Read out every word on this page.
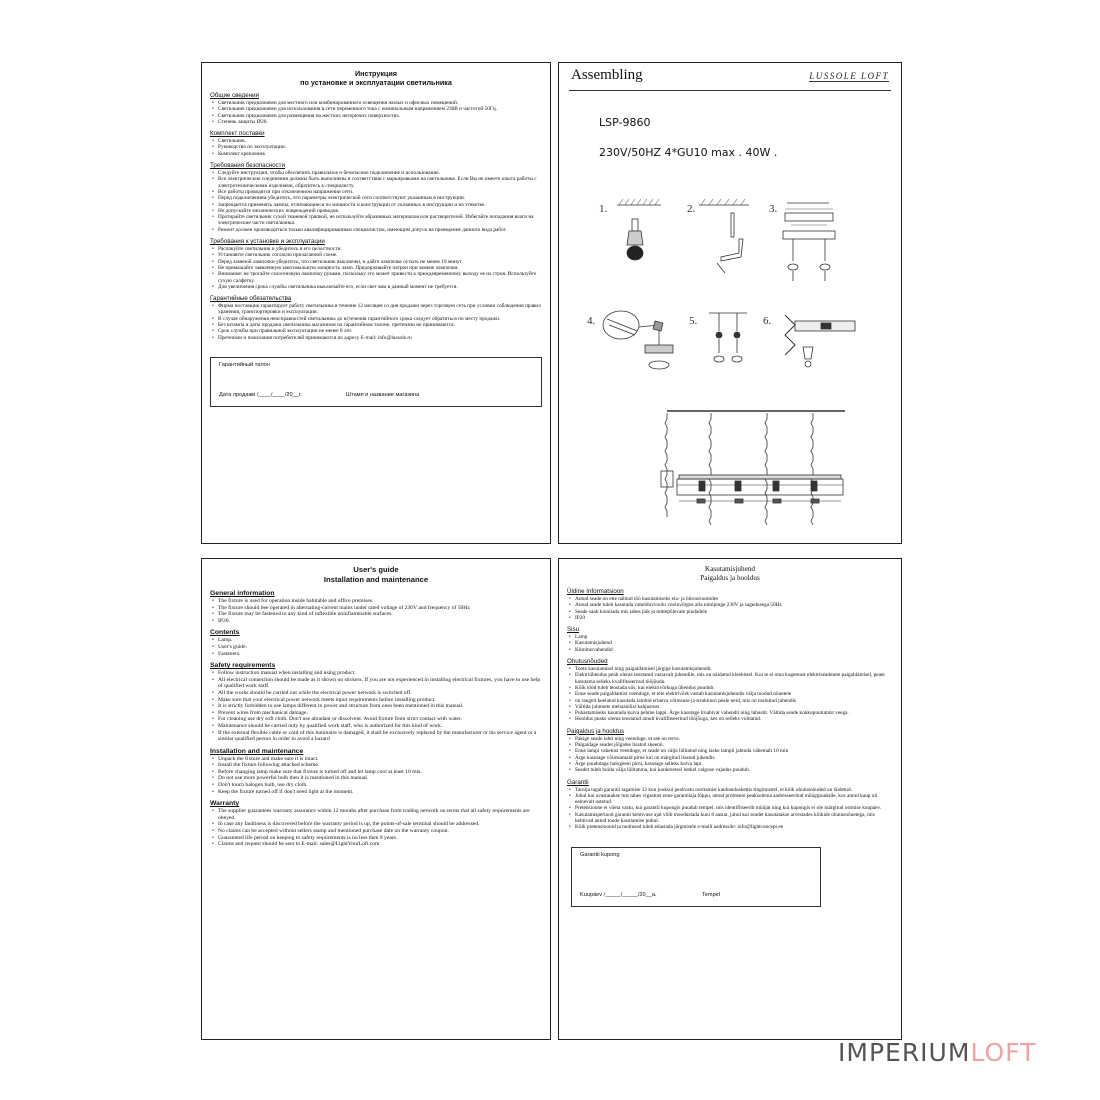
Инструкция
по установке и эксплуатации светильника
Общие сведения
• Светильник предназначен для местного или комбинированного освещения жилых и офисных помещений.
• Светильник предназначен для использования в сети переменного тока с номинальным напряжением 230В и частотой 50Гц.
• Светильник предназначен для размещения на жестких негорючих поверхностях.
• Степень защиты IP20.
Комплект поставки
• Светильник.
• Руководство по эксплуатации.
• Комплект крепления.
Требования безопасности
• Следуйте инструкции, чтобы обеспечить правильное и безопасное подключение и использование.
• Все электрические соединения должны быть выполнены в соответствии с маркировками на светильнике. Если Вы не имеете опыта работы с электротехническими изделиями, обратитесь к специалисту.
• Все работы проводятся при отключенном напряжении сети.
• Перед подключением убедитесь, что параметры электрической сети соответствуют указанным в инструкции.
• Запрещается применять лампы, отличающиеся по мощности и конструкции от указанных в инструкции и на этикетке.
• Не допускайте механических повреждений проводов.
• Протирайте светильник сухой тканевой тряпкой, не используйте абразивных материалов или растворителей. Избегайте попадания влаги на электрические части светильника.
• Ремонт должен производиться только квалифицированным специалистом, имеющим допуск на проведение данного вида работ.
Требования к установке и эксплуатации
• Распакуйте светильник и убедитесь в его целостности.
• Установите светильник согласно прилагаемой схеме.
• Перед заменой лампочки убедитесь, что светильник выключен, и дайте лампочке остыть не менее 10 минут.
• Не превышайте заявленную максимальную мощность ламп. Придерживайте патрон при замене лампочки.
• Внимание: не трогайте галогеновую лампочку руками, поскольку это может привести к преждевременному выходу ее из строя. Используйте сухую салфетку.
• Для увеличения срока службы светильника выключайте его, если свет вам в данный момент не требуется.
Гарантийные обязательства
• Фирма поставщик гарантирует работу светильника в течение 12 месяцев со дня продажи через торговую сеть при условии соблюдения правил хранения, транспортировки и эксплуатации.
• В случае обнаружения неисправностей светильника до истечения гарантийного срока следует обратиться по месту продажи.
• Без штампа и даты продажи светильника магазином на гарантийном талоне, претензии не принимаются.
• Срок службы при правильной эксплуатации не менее 8 лет.
• Претензии и пожелания потребителей принимаются по адресу E-mail: info@lussole.ru
Гарантийный талон
Дата продажи /____/____/20__г.	Штамп и название магазина
Assembling	LUSSOLE LOFT
LSP-9860
230V/50HZ 4*GU10 max . 40W .
1.	2.	3.
4.	5.	6.
User's guide
Installation and maintenance
General information
• The fixture is used for operation inside habitable and office premises.
• The fixture should bee operated in alternating-current mains under rated voltage of 230V and frequency of 50Hz
• The fixture may be fastened to any kind of inflexible uninflammable surfaces.
• IP20.
Contents
• Lamp.
• User's guide.
• Fasteners.
Safety requirements
• Follow instruction manual when installing and using product.
• All electrical connection should be made as it shown on stickers. If you are not experienced in installing electrical fixtures, you have to use help of qualified work staff.
• All the works should be carried out while the electrical power network is switched off.
• Make sure that your electrical power network meets input requirements before installing product.
• It is strictly forbidden to use lamps different in power and structure from ones been mentioned in this manual.
• Prevent wires from mechanical damage.
• For cleaning use dry soft cloth. Don't use abradant or dissolvent. Avoid fixture from strict contact with water.
• Maintenance should be carried only by qualified work staff, who is authorized for this kind of work.
• If the external flexible cable or cord of this luminaire is damaged, it shall be exclusively replaced by the manufacturer or his service agent or a similar qualified person in order to avoid a hazard
Installation and maintenance
• Unpack the fixture and make sure it is intact.
• Install the fixture following attached scheme.
• Before changing lamp make sure that fixture is turned off and let lamp cool at least 10 mis.
• Do not use more powerful bulb then it is mentioned in this manual.
• Don't touch halogen bulb, use dry cloth.
• Keep the fixture turned off if don't need light at the moment.
Warranty
• The supplier guarantees warranty assurance within 12 months after purchase from trading network on terms that all safety requirements are obeyed.
• In case any faultiness is discovered before the warranty period is up, the points-of-sale terminal should be addressed.
• No claims can be accepted without sellers stamp and mentioned purchase date on the warranty coupon.
• Guaranteed life period on keeping to safety requirements is no less then 8 years.
• Claims and request should be sent to E-mail: sales@LightYourLoft.com
Kasutamisjuhend
Paigaldus ja hooldus
Üldine Informatsioon
• Antud seade on ette nähtud töö kasutamiseks ela- ja bürooruumides
• Antud seade tuleb kasutada vahelduvvoolu vooluvõrgus alla nimipinge 230V ja sagedusega 50Hz
• Seade saab kinnitada mis tahes jäik ja mittepõlevate pindadele
• IP20
Sisu
• Lamp
• Kasutamisjuhend
• Kinnitusvahendid
Ohutusnõuded
• Toote kasutamisel ning paigaldamisel järgige kasutamisjuhendit.
• Elektriühendus peab olema teostatud vastavalt juhendile, mis on näidatud kleebistel. Kui te ei oma kogemust elektriseadmete paigaldamisel, peate kasutama selleks kvalifitseeritud tööjõudu.
• Kõik tööd tuleb teostada siis, kui elektrivõrkuga ühendus puudub.
• Enne seade paigaldamist veenduge, et teie elektrivõrk vastab kasutamisjuhendis välja toodud nõuetele
• on rangelt keelatud kasutada lambid erineva võimsuse ja struktuuri peale neid, mis on mainitud juhendis
• Vältida juhtmete mehaanilist kahjustust.
• Puhastamiseks kasutada kuiva pehme lappi. Ärge kasutage lrnabivat vahendit ning lahustit. Vältida seade kokkupuutumist veega .
• Hooldus peaks olema teostatud ainult kvalifitseeritud tööjõuga, kes on selleks volitatud.
Paigaldus ja hooldus
• Pakige seade lahti ning veenduge, et see on terve.
• Paigaldage seadet jõlgides lisatud skeemi.
• Enne lampi vahetust veenduge, et seade on välja lülitatud ning laske lampil jahtuda vähemalt 10 min
• Ärge kasutage võimsamaid pirne kui on märgitud lisatud juhendis
• Ärge puudutage halogeeni pirni, kasutage selleks kuiva lapi.
• Seadet tuleb hoida välja lülitatuna, kui konkreetsel hetkel valguse vajadus puudub.
Garantii
• Tarnija tagab garantii tagamise 12 kuu jooksul pealrostu ooritamist kaubanduskettis tingimustel, et kõik ohutusnõuded on täidetud.
• Juhul kui avastatakse mis tahes vigastust enne garantiiaja lõppu, antud probleem peaksolema aadresseeritud müügipunktile, kus antud kaup oli eelnevalt ostetud.
• Pretensioone ei võeta vastu, kui garantii kupongis puudub tempel, mis identifitseerib müüjat ning kui kupongis ei ole märgitud ostmise kuupäev.
• Kasutamisperiood garantii kehtivuse ajal võib moodustada kuni 8 aastat, juhul kui seadet kasutatakse arvestades kõikide ohutusnõuetega, mis kehtivad antud toode kasutamise puhul.
• Kõik pretensioonid ja taotlused tuleb edastada järgmisele e-maili aadressile: info@lightconcept.ee
Garantii kupong
Kuupäev /_____/_____/20__a.	Tempel
IMPERIUMLOFT
